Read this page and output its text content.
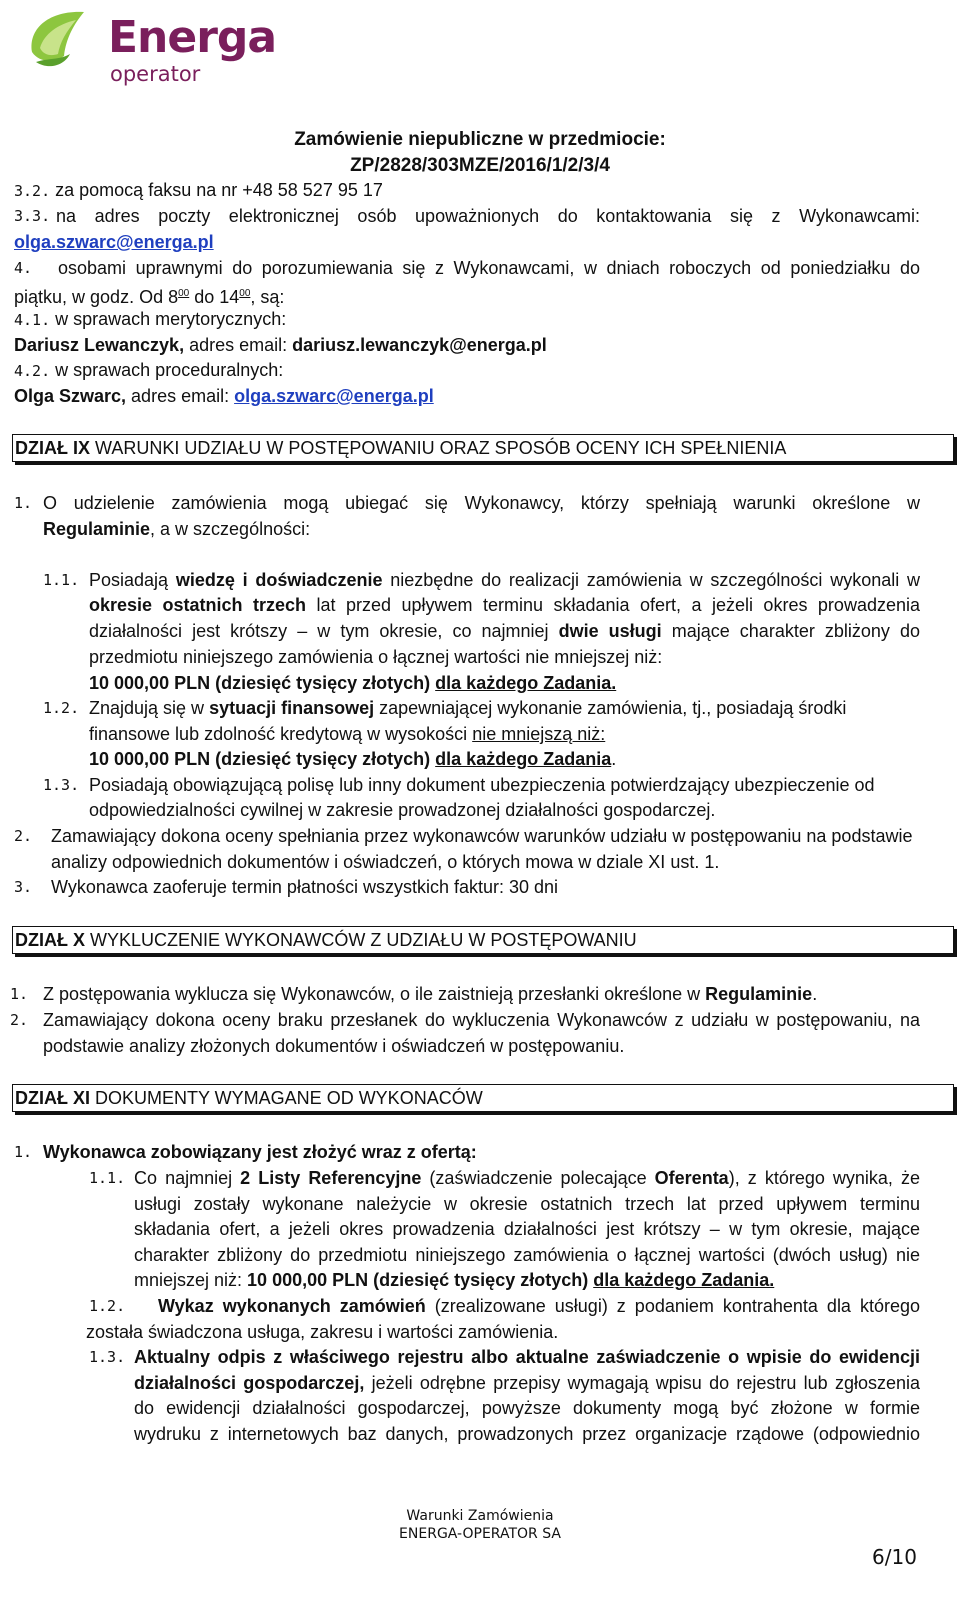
Energa
operator
Zamówienie niepubliczne w przedmiocie:
ZP/2828/303MZE/2016/1/2/3/4
3.2. za pomocą faksu na nr +48 58 527 95 17
3.3. na adres poczty elektronicznej osób upoważnionych do kontaktowania się z Wykonawcami:
olga.szwarc@energa.pl
4. osobami uprawnymi do porozumiewania się z Wykonawcami, w dniach roboczych od poniedziałku do
piątku, w godz. Od $8^{00}$ do $14^{00}$, są:
4.1. w sprawach merytorycznych:
Dariusz Lewanczyk, adres email: dariusz.lewanczyk@energa.pl
4.2. w sprawach proceduralnych:
Olga Szwarc, adres email: olga.szwarc@energa.pl
DZIAŁ IX WARUNKI UDZIAŁU W POSTĘPOWANIU ORAZ SPOSÓB OCENY ICH SPEŁNIENIA
1. O udzielenie zamówienia mogą ubiegać się Wykonawcy, którzy spełniają warunki określone w
Regulaminie, a w szczególności:
1.1. Posiadają wiedzę i doświadczenie niezbędne do realizacji zamówienia w szczególności wykonali w
okresie ostatnich trzech lat przed upływem terminu składania ofert, a jeżeli okres prowadzenia
działalności jest krótszy – w tym okresie, co najmniej dwie usługi mające charakter zbliżony do
przedmiotu niniejszego zamówienia o łącznej wartości nie mniejszej niż:
10 000,00 PLN (dziesięć tysięcy złotych) dla każdego Zadania.
1.2. Znajdują się w sytuacji finansowej zapewniającej wykonanie zamówienia, tj., posiadają środki
finansowe lub zdolność kredytową w wysokości nie mniejszą niż:
10 000,00 PLN (dziesięć tysięcy złotych) dla każdego Zadania.
1.3. Posiadają obowiązującą polisę lub inny dokument ubezpieczenia potwierdzający ubezpieczenie od
odpowiedzialności cywilnej w zakresie prowadzonej działalności gospodarczej.
2. Zamawiający dokona oceny spełniania przez wykonawców warunków udziału w postępowaniu na podstawie
analizy odpowiednich dokumentów i oświadczeń, o których mowa w dziale XI ust. 1.
3. Wykonawca zaoferuje termin płatności wszystkich faktur: 30 dni
DZIAŁ X WYKLUCZENIE WYKONAWCÓW Z UDZIAŁU W POSTĘPOWANIU
1. Z postępowania wyklucza się Wykonawców, o ile zaistnieją przesłanki określone w Regulaminie.
2. Zamawiający dokona oceny braku przesłanek do wykluczenia Wykonawców z udziału w postępowaniu, na
podstawie analizy złożonych dokumentów i oświadczeń w postępowaniu.
DZIAŁ XI DOKUMENTY WYMAGANE OD WYKONACÓW
1. Wykonawca zobowiązany jest złożyć wraz z ofertą:
1.1. Co najmniej 2 Listy Referencyjne (zaświadczenie polecające Oferenta), z którego wynika, że
usługi zostały wykonane należycie w okresie ostatnich trzech lat przed upływem terminu
składania ofert, a jeżeli okres prowadzenia działalności jest krótszy – w tym okresie, mające
charakter zbliżony do przedmiotu niniejszego zamówienia o łącznej wartości (dwóch usług) nie
mniejszej niż: 10 000,00 PLN (dziesięć tysięcy złotych) dla każdego Zadania.
1.2. Wykaz wykonanych zamówień (zrealizowane usługi) z podaniem kontrahenta dla którego
została świadczona usługa, zakresu i wartości zamówienia.
1.3. Aktualny odpis z właściwego rejestru albo aktualne zaświadczenie o wpisie do ewidencji
działalności gospodarczej, jeżeli odrębne przepisy wymagają wpisu do rejestru lub zgłoszenia
do ewidencji działalności gospodarczej, powyższe dokumenty mogą być złożone w formie
wydruku z internetowych baz danych, prowadzonych przez organizacje rządowe (odpowiednio
Warunki Zamówienia
ENERGA-OPERATOR SA
6/10
